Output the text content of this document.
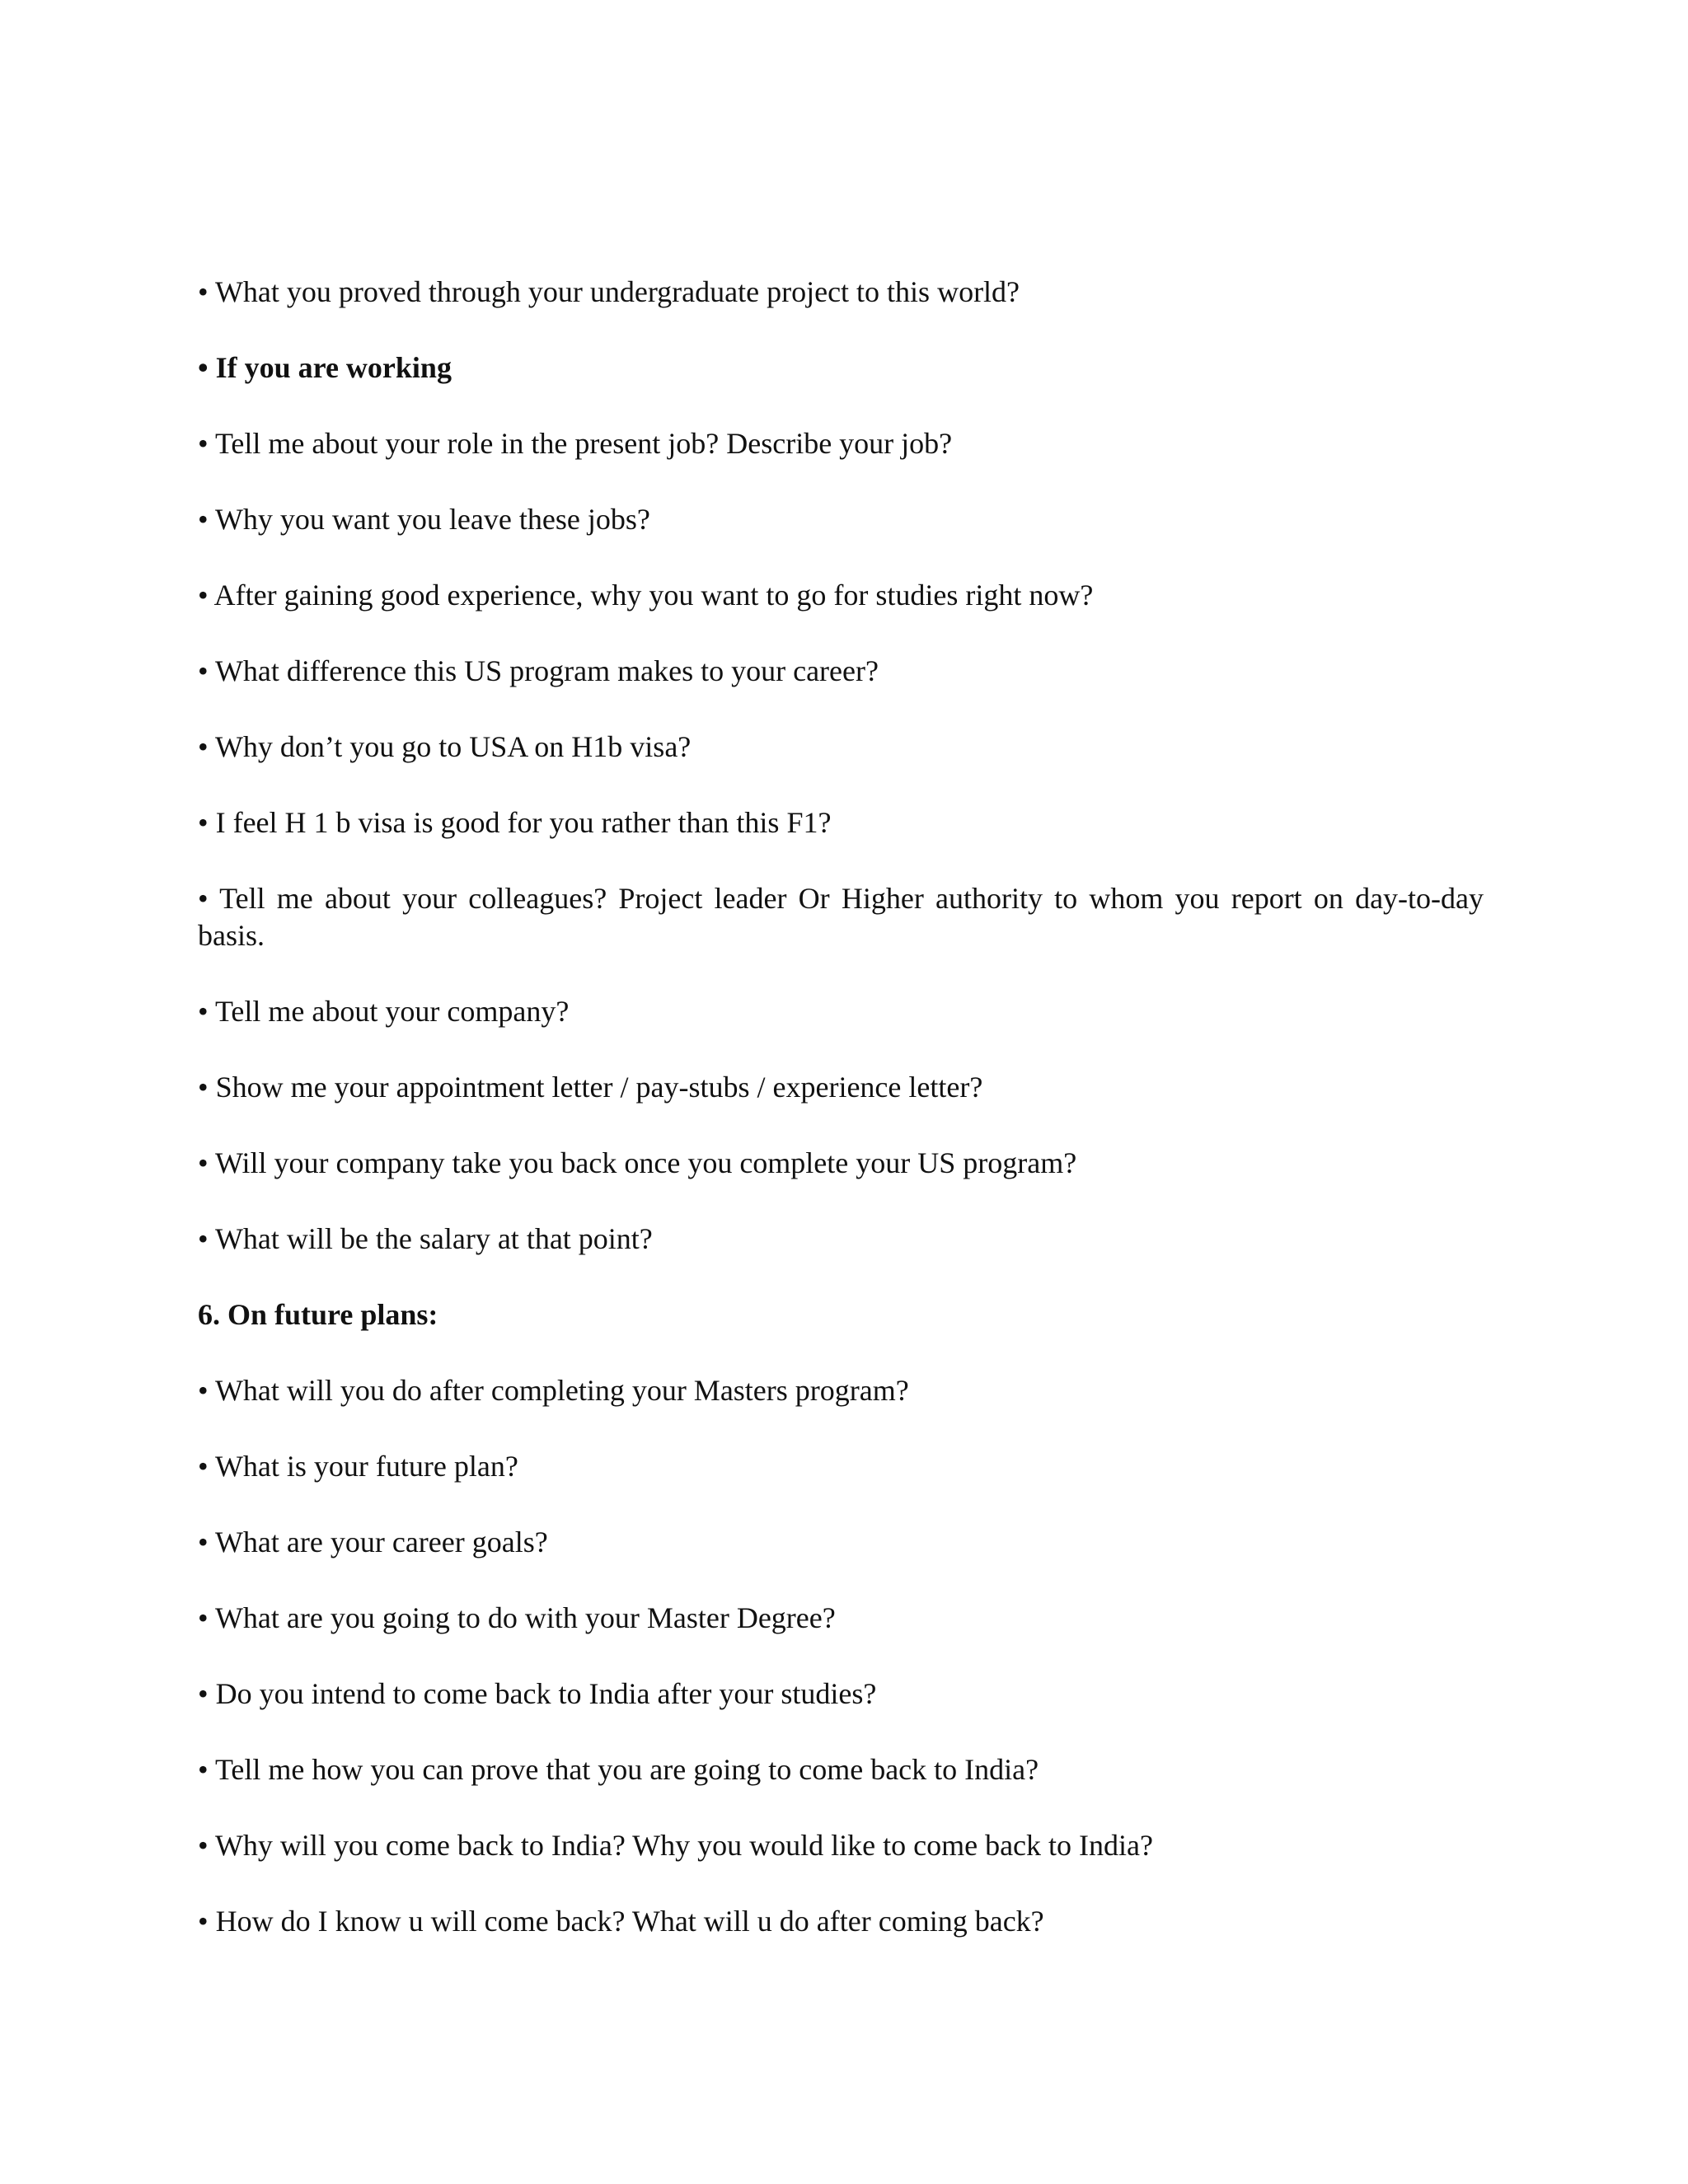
• What you proved through your undergraduate project to this world?

• If you are working

• Tell me about your role in the present job? Describe your job?

• Why you want you leave these jobs?

• After gaining good experience, why you want to go for studies right now?

• What difference this US program makes to your career?

• Why don’t you go to USA on H1b visa?

• I feel H 1 b visa is good for you rather than this F1?

• Tell me about your colleagues? Project leader Or Higher authority to whom you report on day-to-day basis.

• Tell me about your company?

• Show me your appointment letter / pay-stubs / experience letter?

• Will your company take you back once you complete your US program?

• What will be the salary at that point?

6. On future plans:

• What will you do after completing your Masters program?

• What is your future plan?

• What are your career goals?

• What are you going to do with your Master Degree?

• Do you intend to come back to India after your studies?

• Tell me how you can prove that you are going to come back to India?

• Why will you come back to India? Why you would like to come back to India?

• How do I know u will come back? What will u do after coming back?
